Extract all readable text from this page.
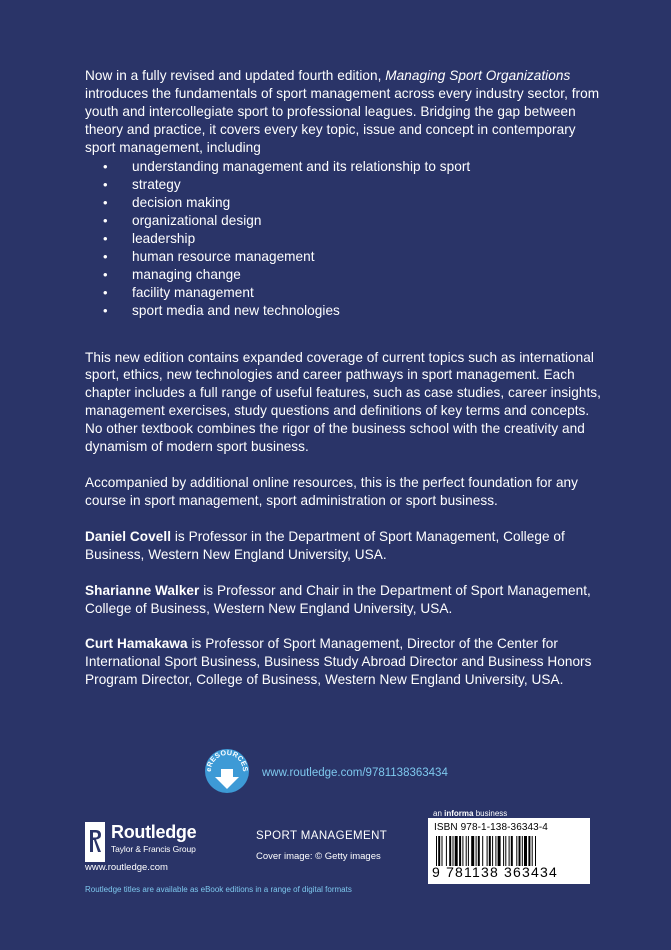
Now in a fully revised and updated fourth edition, Managing Sport Organizations introduces the fundamentals of sport management across every industry sector, from youth and intercollegiate sport to professional leagues. Bridging the gap between theory and practice, it covers every key topic, issue and concept in contemporary sport management, including

• understanding management and its relationship to sport
• strategy
• decision making
• organizational design
• leadership
• human resource management
• managing change
• facility management
• sport media and new technologies

This new edition contains expanded coverage of current topics such as international sport, ethics, new technologies and career pathways in sport management. Each chapter includes a full range of useful features, such as case studies, career insights, management exercises, study questions and definitions of key terms and concepts. No other textbook combines the rigor of the business school with the creativity and dynamism of modern sport business.

Accompanied by additional online resources, this is the perfect foundation for any course in sport management, sport administration or sport business.

Daniel Covell is Professor in the Department of Sport Management, College of Business, Western New England University, USA.

Sharianne Walker is Professor and Chair in the Department of Sport Management, College of Business, Western New England University, USA.

Curt Hamakawa is Professor of Sport Management, Director of the Center for International Sport Business, Business Study Abroad Director and Business Honors Program Director, College of Business, Western New England University, USA.

eRESOURCES www.routledge.com/9781138363434
Routledge
Taylor & Francis Group
www.routledge.com
SPORT MANAGEMENT
Cover image: © Getty images
an informa business
ISBN 978-1-138-36343-4
9 781138 363434
Routledge titles are available as eBook editions in a range of digital formats
